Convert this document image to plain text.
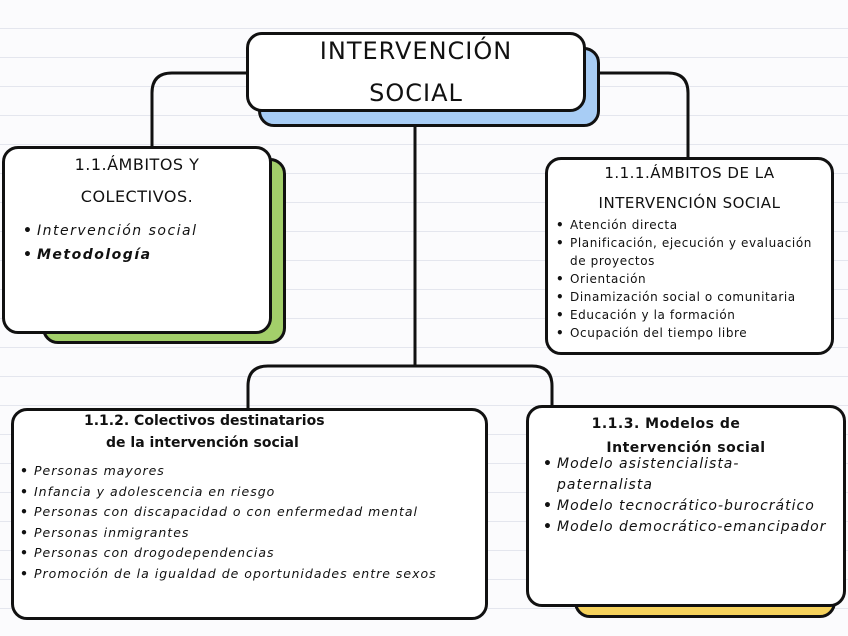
INTERVENCIÓN
SOCIAL
1.1.ÁMBITOS Y
COLECTIVOS.
• Intervención social
• Metodología
1.1.1.ÁMBITOS DE LA
INTERVENCIÓN SOCIAL
• Atención directa
• Planificación, ejecución y evaluación de proyectos
• Orientación
• Dinamización social o comunitaria
• Educación y la formación
• Ocupación del tiempo libre
1.1.2. Colectivos destinatarios
de la intervención social
• Personas mayores
• Infancia y adolescencia en riesgo
• Personas con discapacidad o con enfermedad mental
• Personas inmigrantes
• Personas con drogodependencias
• Promoción de la igualdad de oportunidades entre sexos
1.1.3. Modelos de
Intervención social
• Modelo asistencialista-paternalista
• Modelo tecnocrático-burocrático
• Modelo democrático-emancipador
